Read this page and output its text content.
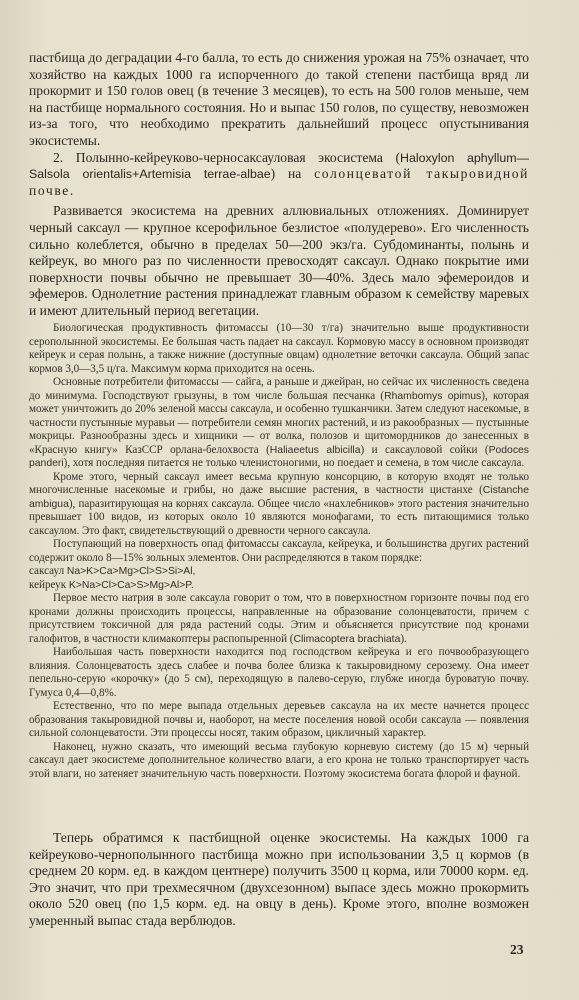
пастбища до деградации 4-го балла, то есть до снижения урожая на 75% означает, что хозяйство на каждых 1000 га испорченного до такой степени пастбища вряд ли прокормит и 150 голов овец (в течение 3 месяцев), то есть на 500 голов меньше, чем на пастбище нормального состояния. Но и выпас 150 голов, по существу, невозможен из-за того, что необходимо прекратить дальнейший процесс опустынивания экосистемы.

2. Полынно-кейреуково-черносаксауловая экосистема (Haloxylon aphyllum—Salsola orientalis+Artemisia terrae-albae) на солонцеватой такыровидной почве.

Развивается экосистема на древних аллювиальных отложениях. Доминирует черный саксаул — крупное ксерофильное безлистое «полудерево». Его численность сильно колеблется, обычно в пределах 50—200 экз/га. Субдоминанты, полынь и кейреук, во много раз по численности превосходят саксаул. Однако покрытие ими поверхности почвы обычно не превышает 30—40%. Здесь мало эфемероидов и эфемеров. Однолетние растения принадлежат главным образом к семейству маревых и имеют длительный период вегетации.

Биологическая продуктивность фитомассы (10—30 т/га) значительно выше продуктивности серополынной экосистемы. Ее большая часть падает на саксаул. Кормовую массу в основном производят кейреук и серая полынь, а также нижние (доступные овцам) однолетние веточки саксаула. Общий запас кормов 3,0—3,5 ц/га. Максимум корма приходится на осень.

Основные потребители фитомассы — сайга, а раньше и джейран, но сейчас их численность сведена до минимума. Господствуют грызуны, в том числе большая песчанка (Rhambomys opimus), которая может уничтожить до 20% зеленой массы саксаула, и особенно тушканчики. Затем следуют насекомые, в частности пустынные муравьи — потребители семян многих растений, и из ракообразных — пустынные мокрицы. Разнообразны здесь и хищники — от волка, полозов и щитомордников до занесенных в «Красную книгу» КазССР орлана-белохвоста (Haliaeetus albicilla) и саксауловой сойки (Podoces panderi), хотя последняя питается не только членистоногими, но поедает и семена, в том числе саксаула.

Кроме этого, черный саксаул имеет весьма крупную консорцию, в которую входят не только многочисленные насекомые и грибы, но даже высшие растения, в частности цистанхе (Cistanche ambigua), паразитирующая на корнях саксаула. Общее число «нахлебников» этого растения значительно превышает 100 видов, из которых около 10 являются монофагами, то есть питающимися только саксаулом. Это факт, свидетельствующий о древности черного саксаула.

Поступающий на поверхность опад фитомассы саксаула, кейреука, и большинства других растений содержит около 8—15% зольных элементов. Они распределяются в таком порядке:

саксаул Na>K>Ca>Mg>Cl>S>Si>Al,

кейреук K>Na>Cl>Ca>S>Mg>Al>P.

Первое место натрия в золе саксаула говорит о том, что в поверхностном горизонте почвы под его кронами должны происходить процессы, направленные на образование солонцеватости, причем с присутствием токсичной для ряда растений соды. Этим и объясняется присутствие под кронами галофитов, в частности климакоптеры распопыренной (Climacoptera brachiata).

Наибольшая часть поверхности находится под господством кейреука и его почвообразующего влияния. Солонцеватость здесь слабее и почва более близка к такыровидному сероземy. Она имеет пепельно-серую «корочку» (до 5 см), переходящую в палево-серую, глубже иногда буроватую почву. Гумуса 0,4—0,8%.

Естественно, что по мере выпада отдельных деревьев саксаула на их месте начнется процесс образования такыровидной почвы и, наоборот, на месте поселения новой особи саксаула — появления сильной солонцеватости. Эти процессы носят, таким образом, цикличный характер.

Наконец, нужно сказать, что имеющий весьма глубокую корневую систему (до 15 м) черный саксаул дает экосистеме дополнительное количество влаги, а его крона не только транспортирует часть этой влаги, но затеняет значительную часть поверхности. Поэтому экосистема богата флорой и фауной.

Теперь обратимся к пастбищной оценке экосистемы. На каждых 1000 га кейреуково-чернополынного пастбища можно при использовании 3,5 ц кормов (в среднем 20 корм. ед. в каждом центнере) получить 3500 ц корма, или 70000 корм. ед. Это значит, что при трехмесячном (двухсезонном) выпасе здесь можно прокормить около 520 овец (по 1,5 корм. ед. на овцу в день). Кроме этого, вполне возможен умеренный выпас стада верблюдов.

23
